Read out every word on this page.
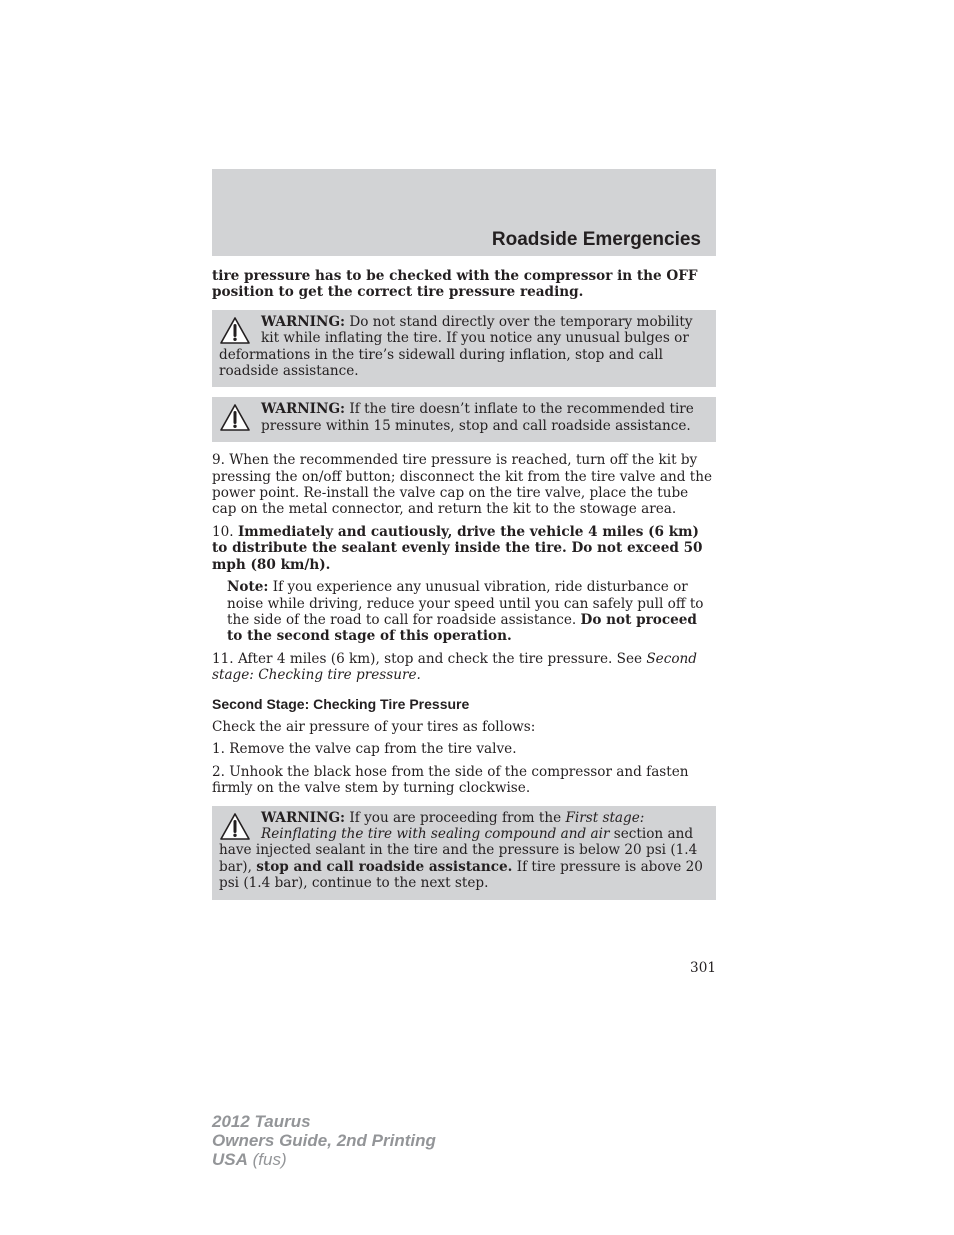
Roadside Emergencies

tire pressure has to be checked with the compressor in the OFF position to get the correct tire pressure reading.

WARNING: Do not stand directly over the temporary mobility kit while inflating the tire. If you notice any unusual bulges or deformations in the tire’s sidewall during inflation, stop and call roadside assistance.
WARNING: If the tire doesn’t inflate to the recommended tire pressure within 15 minutes, stop and call roadside assistance.

9. When the recommended tire pressure is reached, turn off the kit by pressing the on/off button; disconnect the kit from the tire valve and the power point. Re-install the valve cap on the tire valve, place the tube cap on the metal connector, and return the kit to the stowage area.

10. Immediately and cautiously, drive the vehicle 4 miles (6 km) to distribute the sealant evenly inside the tire. Do not exceed 50 mph (80 km/h).

Note: If you experience any unusual vibration, ride disturbance or noise while driving, reduce your speed until you can safely pull off to the side of the road to call for roadside assistance. Do not proceed to the second stage of this operation.

11. After 4 miles (6 km), stop and check the tire pressure. See Second stage: Checking tire pressure.

Second Stage: Checking Tire Pressure

Check the air pressure of your tires as follows:

1. Remove the valve cap from the tire valve.

2. Unhook the black hose from the side of the compressor and fasten firmly on the valve stem by turning clockwise.

WARNING: If you are proceeding from the First stage: Reinflating the tire with sealing compound and air section and have injected sealant in the tire and the pressure is below 20 psi (1.4 bar), stop and call roadside assistance. If tire pressure is above 20 psi (1.4 bar), continue to the next step.
301
2012 Taurus
Owners Guide, 2nd Printing
USA (fus)
